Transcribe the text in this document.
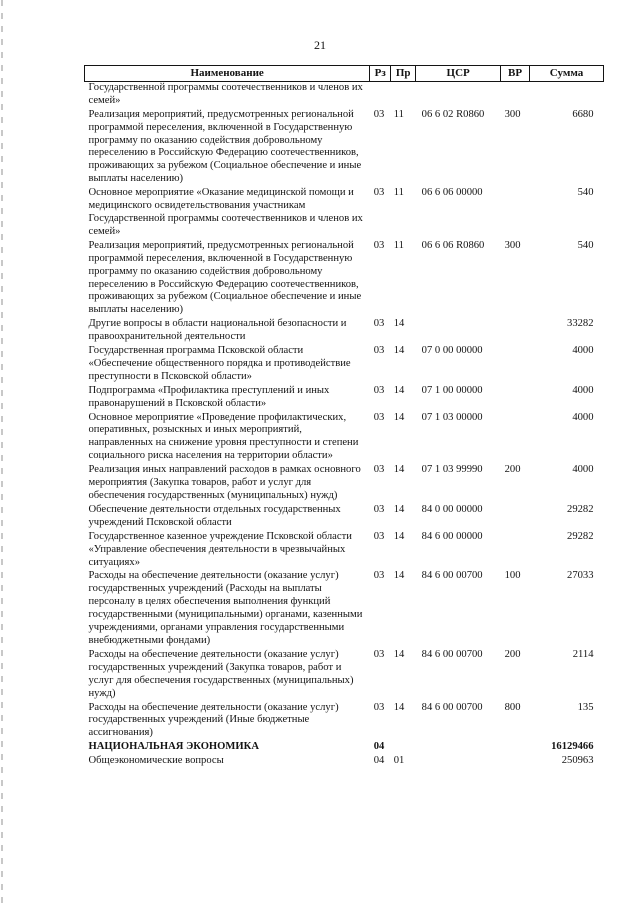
21
Наименование	Рз	Пр	ЦСР	ВР	Сумма
Государственной программы соотечественников и членов их семей»					
Реализация мероприятий, предусмотренных региональной программой переселения, включенной в Государственную программу по оказанию содействия добровольному переселению в Российскую Федерацию соотечественников, проживающих за рубежом (Социальное обеспечение и иные выплаты населению)	03	11	06 6 02 R0860	300	6680
Основное мероприятие «Оказание медицинской помощи и медицинского освидетельствования участникам Государственной программы соотечественников и членов их семей»	03	11	06 6 06 00000		540
Реализация мероприятий, предусмотренных региональной программой переселения, включенной в Государственную программу по оказанию содействия добровольному переселению в Российскую Федерацию соотечественников, проживающих за рубежом (Социальное обеспечение и иные выплаты населению)	03	11	06 6 06 R0860	300	540
Другие вопросы в области национальной безопасности и правоохранительной деятельности	03	14			33282
Государственная программа Псковской области «Обеспечение общественного порядка и противодействие преступности в Псковской области»	03	14	07 0 00 00000		4000
Подпрограмма «Профилактика преступлений и иных правонарушений в Псковской области»	03	14	07 1 00 00000		4000
Основное мероприятие «Проведение профилактических, оперативных, розыскных и иных мероприятий, направленных на снижение уровня преступности и степени социального риска населения на территории области»	03	14	07 1 03 00000		4000
Реализация иных направлений расходов в рамках основного мероприятия (Закупка товаров, работ и услуг для обеспечения государственных (муниципальных) нужд)	03	14	07 1 03 99990	200	4000
Обеспечение деятельности отдельных государственных учреждений Псковской области	03	14	84 0 00 00000		29282
Государственное казенное учреждение Псковской области «Управление обеспечения деятельности в чрезвычайных ситуациях»	03	14	84 6 00 00000		29282
Расходы на обеспечение деятельности (оказание услуг) государственных учреждений (Расходы на выплаты персоналу в целях обеспечения выполнения функций государственными (муниципальными) органами, казенными учреждениями, органами управления государственными внебюджетными фондами)	03	14	84 6 00 00700	100	27033
Расходы на обеспечение деятельности (оказание услуг) государственных учреждений (Закупка товаров, работ и услуг для обеспечения государственных (муниципальных) нужд)	03	14	84 6 00 00700	200	2114
Расходы на обеспечение деятельности (оказание услуг) государственных учреждений (Иные бюджетные ассигнования)	03	14	84 6 00 00700	800	135
НАЦИОНАЛЬНАЯ ЭКОНОМИКА	04				16129466
Общеэкономические вопросы	04	01			250963
